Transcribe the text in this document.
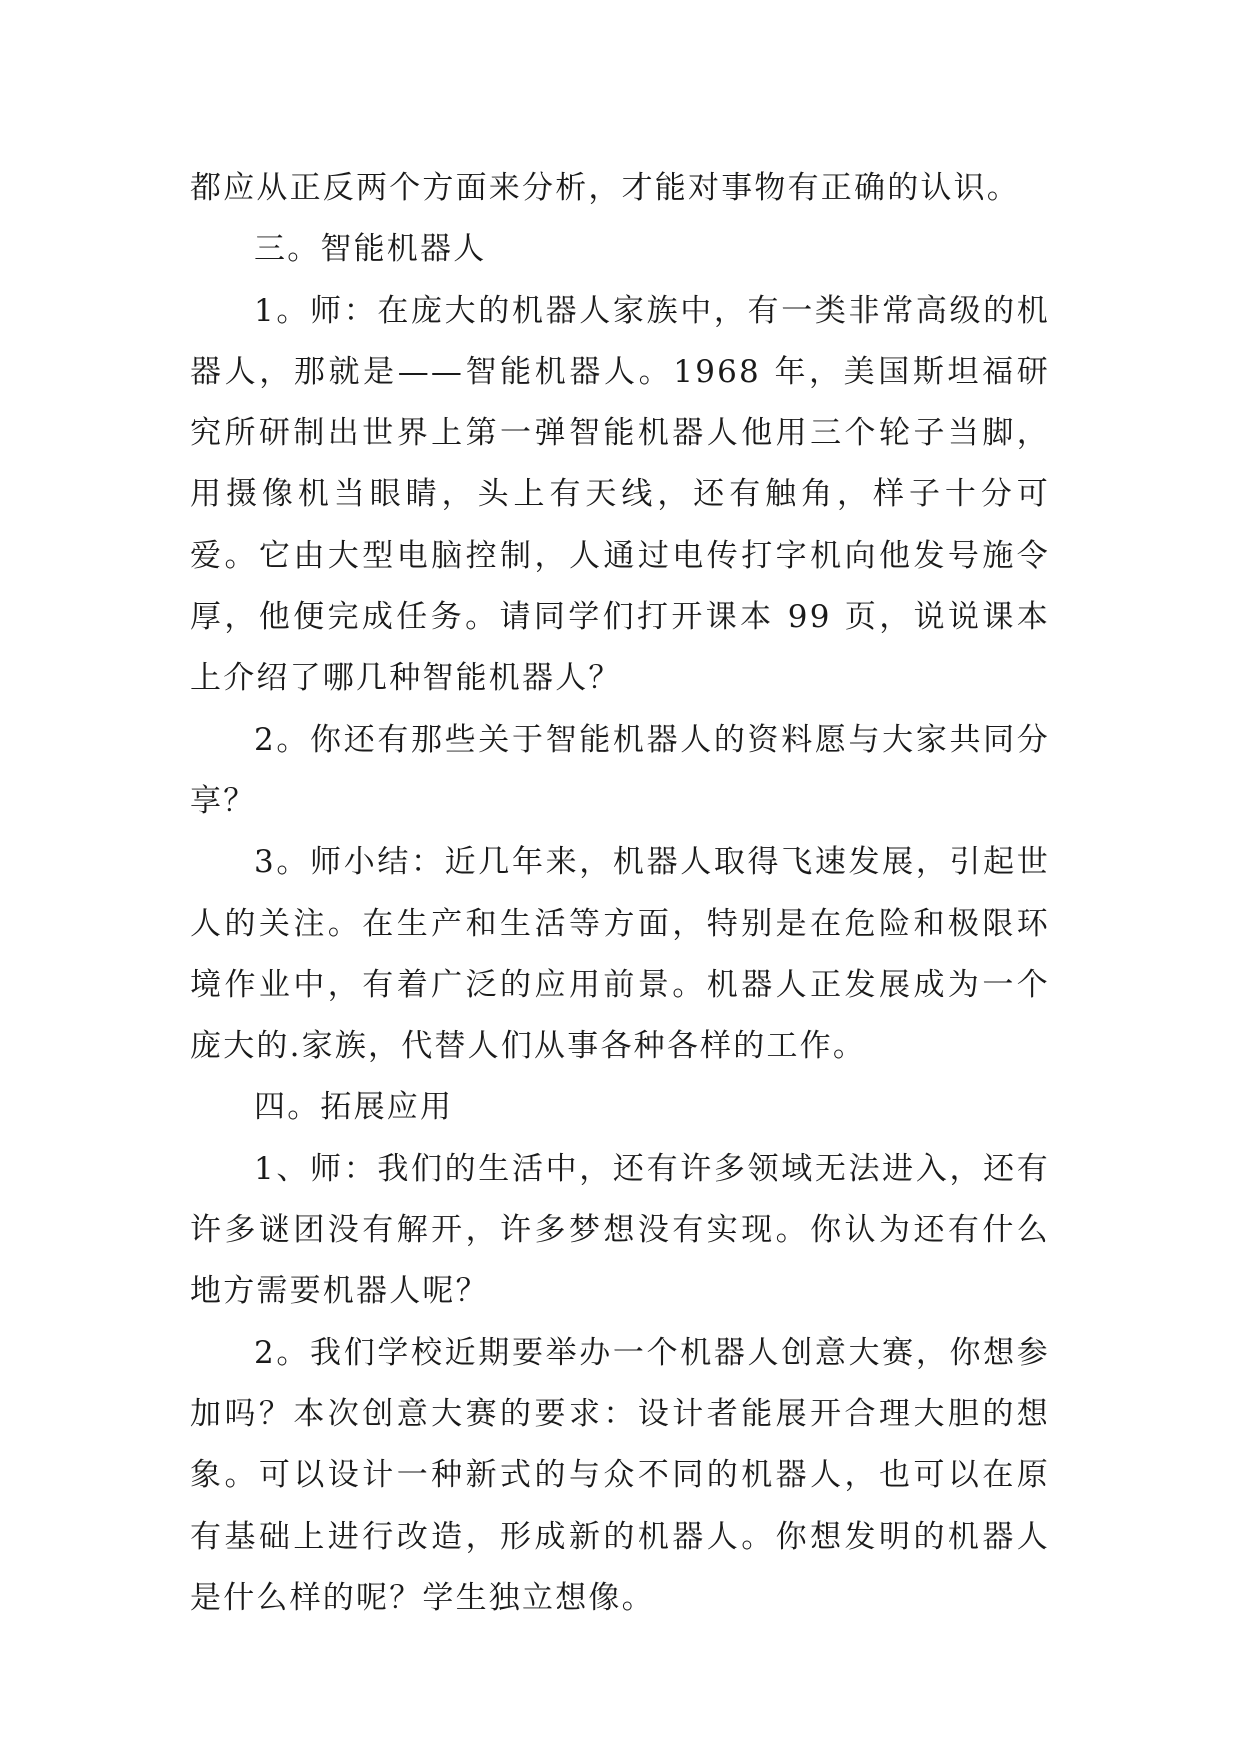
都应从正反两个方面来分析，才能对事物有正确的认识。

三。智能机器人

1。师：在庞大的机器人家族中，有一类非常高级的机器人，那就是——智能机器人。1968 年，美国斯坦福研究所研制出世界上第一弹智能机器人他用三个轮子当脚，用摄像机当眼睛，头上有天线，还有触角，样子十分可爱。它由大型电脑控制，人通过电传打字机向他发号施令厚，他便完成任务。请同学们打开课本 99 页，说说课本上介绍了哪几种智能机器人？

2。你还有那些关于智能机器人的资料愿与大家共同分享？

3。师小结：近几年来，机器人取得飞速发展，引起世人的关注。在生产和生活等方面，特别是在危险和极限环境作业中，有着广泛的应用前景。机器人正发展成为一个庞大的.家族，代替人们从事各种各样的工作。

四。拓展应用

1、师：我们的生活中，还有许多领域无法进入，还有许多谜团没有解开，许多梦想没有实现。你认为还有什么地方需要机器人呢？

2。我们学校近期要举办一个机器人创意大赛，你想参加吗？本次创意大赛的要求：设计者能展开合理大胆的想象。可以设计一种新式的与众不同的机器人，也可以在原有基础上进行改造，形成新的机器人。你想发明的机器人是什么样的呢？学生独立想像。
